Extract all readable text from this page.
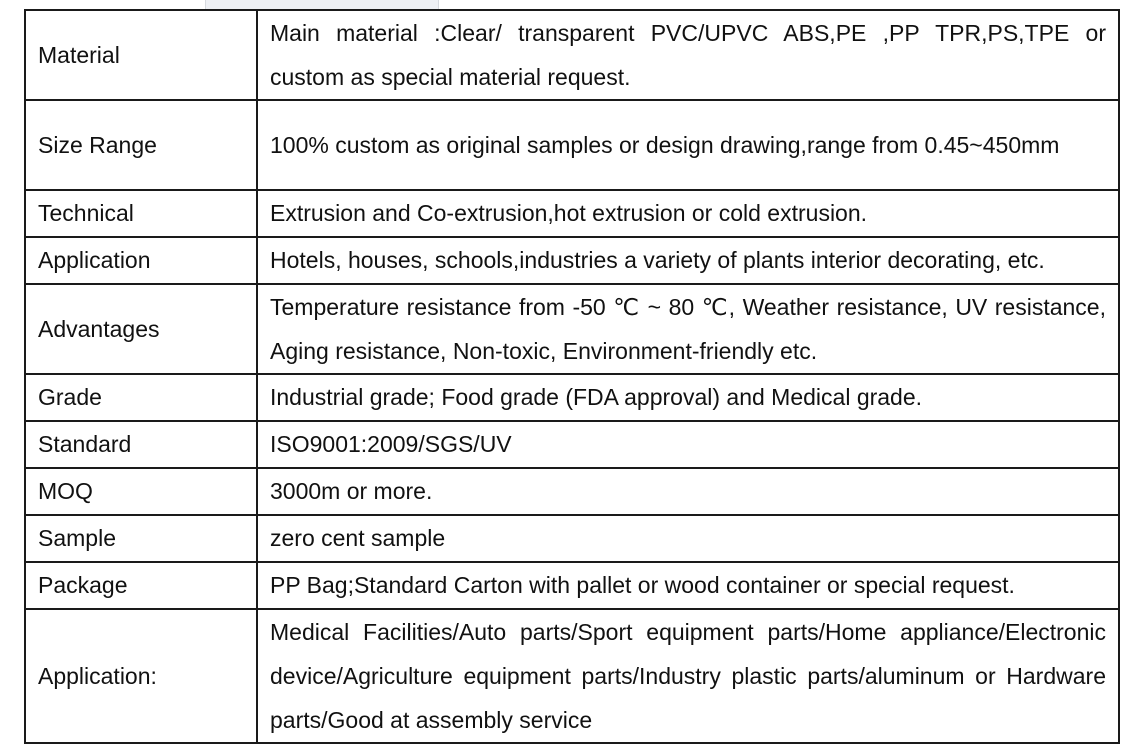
Material	Main material :Clear/ transparent PVC/UPVC ABS,PE ,PP TPR,PS,TPE or custom as special material request.
Size Range	100% custom as original samples or design drawing,range from 0.45~450mm
Technical	Extrusion and Co-extrusion,hot extrusion or cold extrusion.
Application	Hotels, houses, schools,industries a variety of plants interior decorating, etc.
Advantages	Temperature resistance from -50 ℃ ~ 80 ℃, Weather resistance, UV resistance, Aging resistance, Non-toxic, Environment-friendly etc.
Grade	Industrial grade; Food grade (FDA approval) and Medical grade.
Standard	ISO9001:2009/SGS/UV
MOQ	3000m or more.
Sample	zero cent sample
Package	PP Bag;Standard Carton with pallet or wood container or special request.
Application:	Medical Facilities/Auto parts/Sport equipment parts/Home appliance/Electronic device/Agriculture equipment parts/Industry plastic parts/aluminum or Hardware parts/Good at assembly service
